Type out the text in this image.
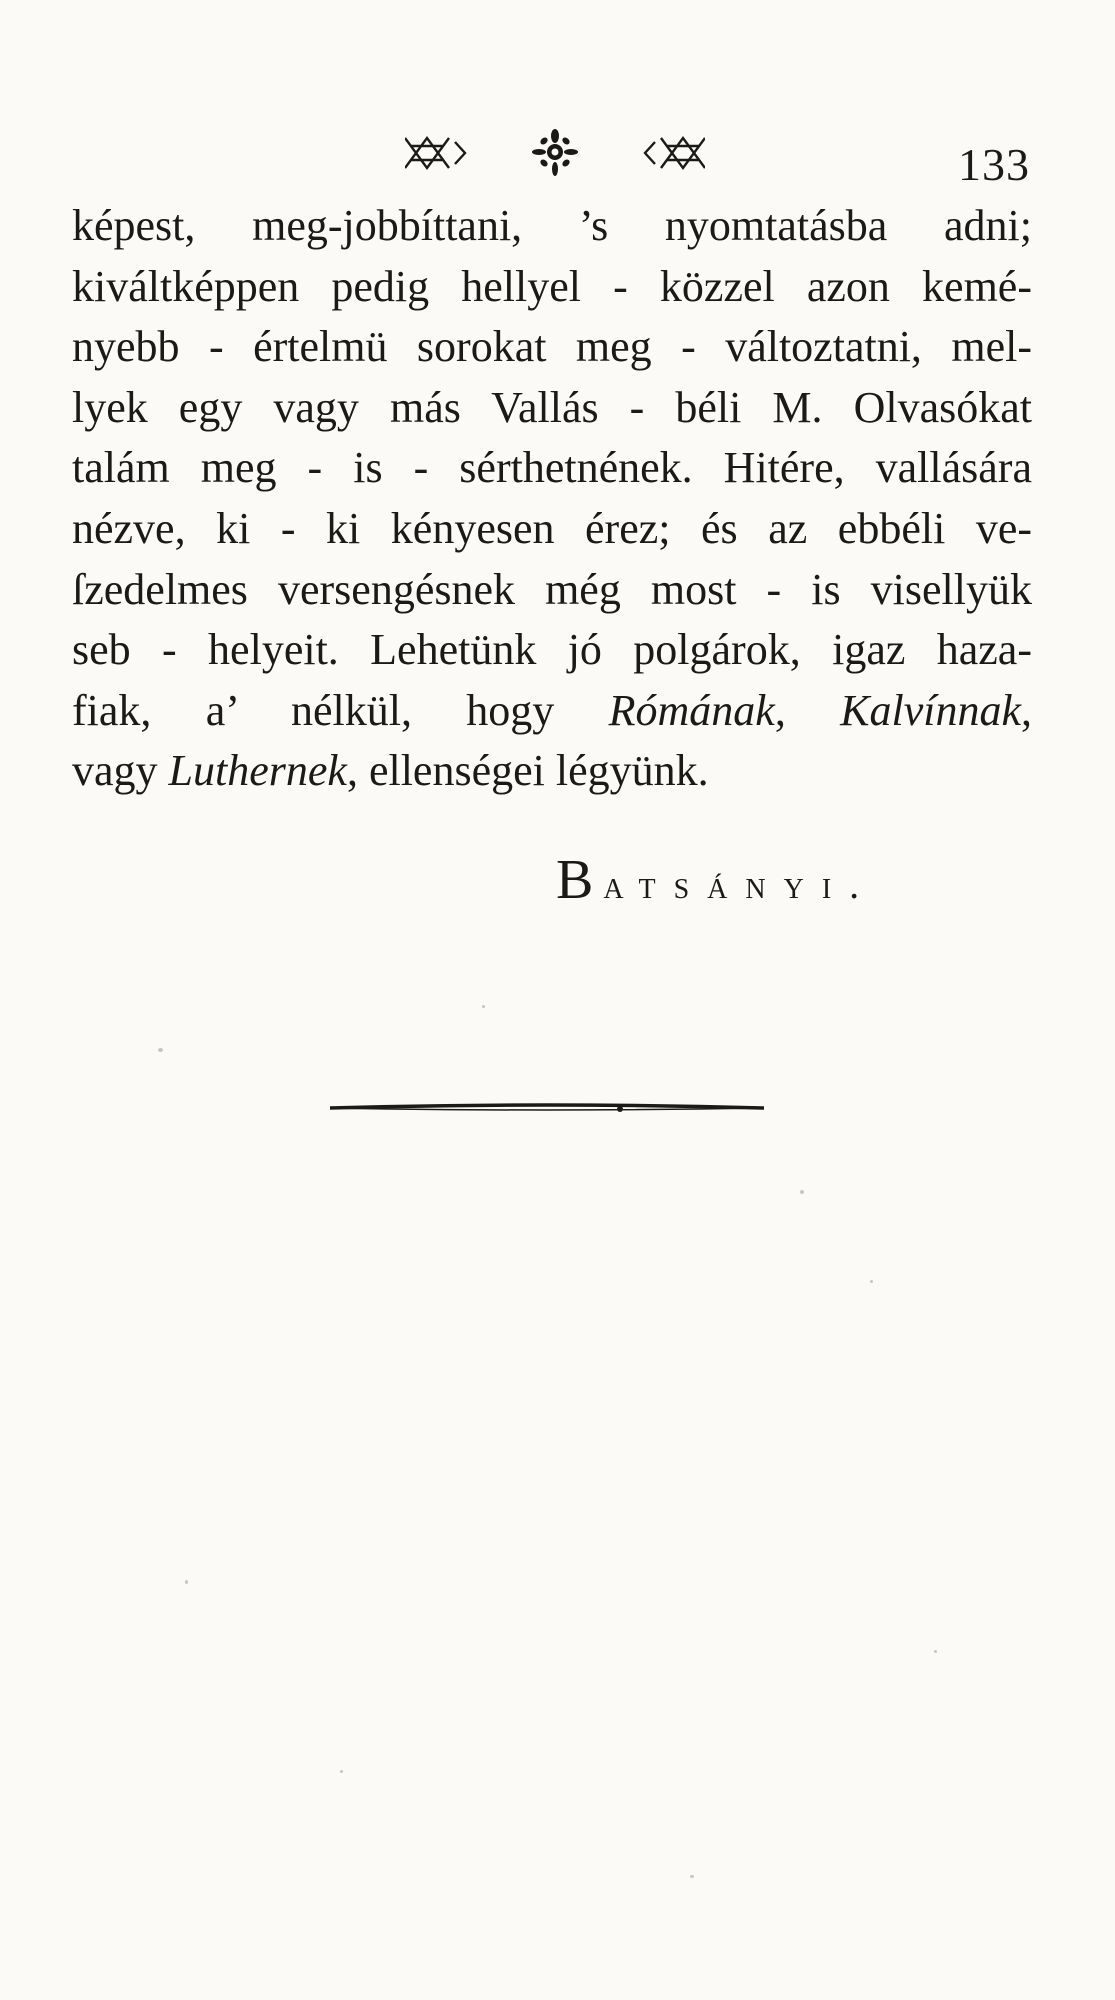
133
képest, meg-jobbíttani, ’s nyomtatásba adni;
kiváltképpen pedig hellyel - közzel azon kemé-
nyebb - értelmü sorokat meg - változtatni, mel-
lyek egy vagy más Vallás - béli M. Olvasókat
talám meg - is - sérthetnének. Hitére, vallására
nézve, ki - ki kényesen érez; és az ebbéli ve-
ſzedelmes versengésnek még most - is visellyük
seb - helyeit. Lehetünk jó polgárok, igaz haza-
fiak, a’ nélkül, hogy Rómának, Kalvínnak,
vagy Luthernek, ellenségei légyünk.
Batsányi.
